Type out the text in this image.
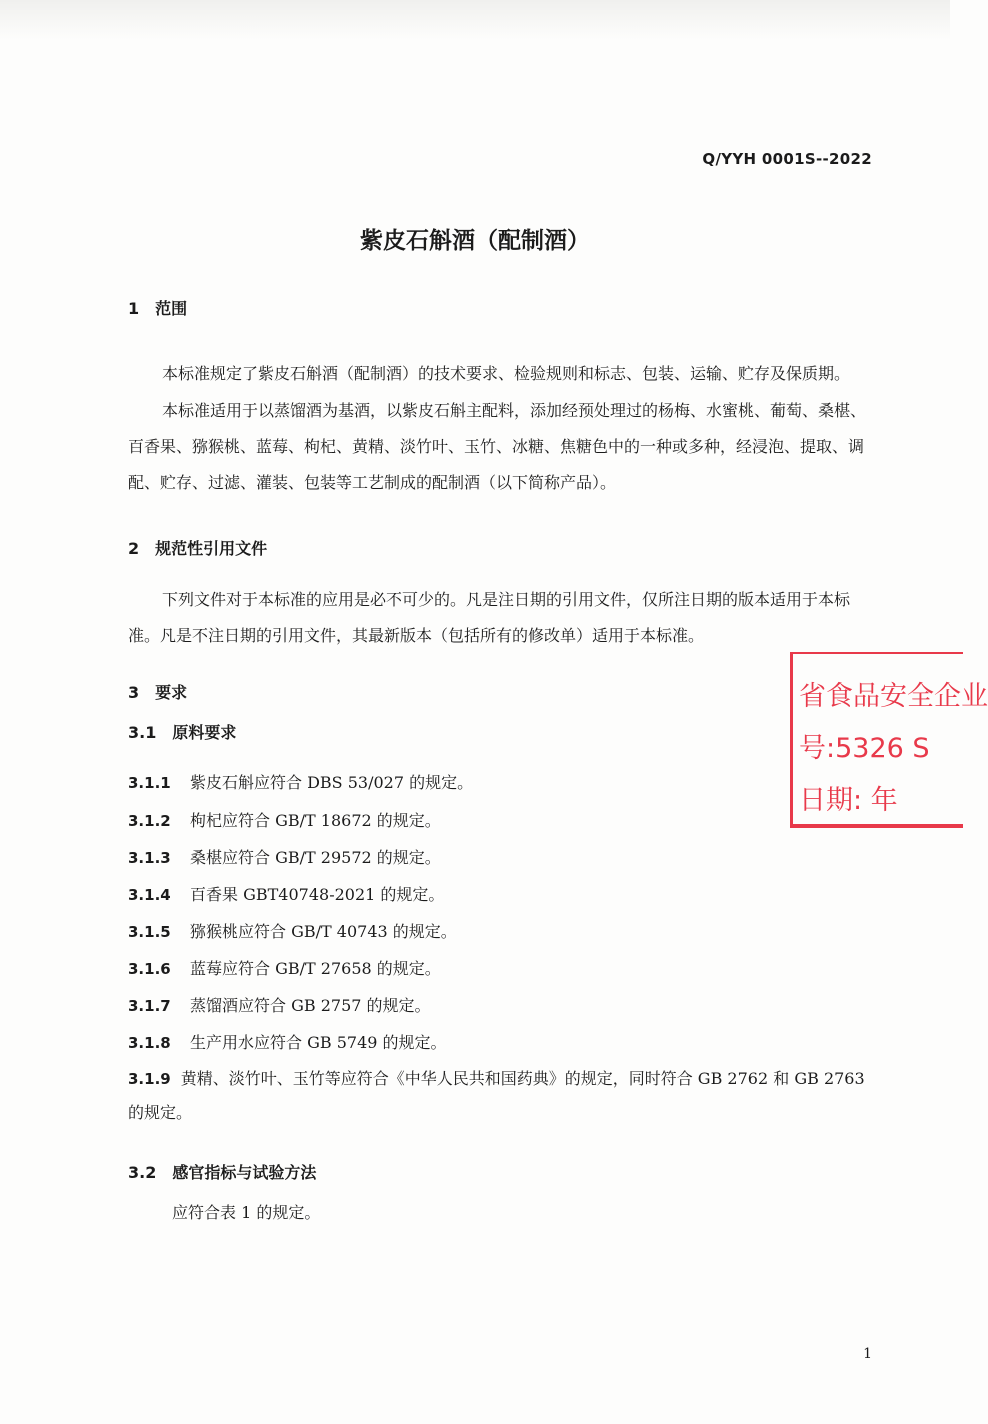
Q/YYH 0001S--2022
紫皮石斛酒（配制酒）
1 范围
本标准规定了紫皮石斛酒（配制酒）的技术要求、检验规则和标志、包装、运输、贮存及保质期。
本标准适用于以蒸馏酒为基酒，以紫皮石斛主配料，添加经预处理过的杨梅、水蜜桃、葡萄、桑椹、百香果、猕猴桃、蓝莓、枸杞、黄精、淡竹叶、玉竹、冰糖、焦糖色中的一种或多种，经浸泡、提取、调配、贮存、过滤、灌装、包装等工艺制成的配制酒（以下简称产品）。
2 规范性引用文件
下列文件对于本标准的应用是必不可少的。凡是注日期的引用文件，仅所注日期的版本适用于本标准。凡是不注日期的引用文件，其最新版本（包括所有的修改单）适用于本标准。
3 要求
3.1 原料要求
3.1.1 紫皮石斛应符合 DBS 53/027 的规定。
3.1.2 枸杞应符合 GB/T 18672 的规定。
3.1.3 桑椹应符合 GB/T 29572 的规定。
3.1.4 百香果 GBT40748-2021 的规定。
3.1.5 猕猴桃应符合 GB/T 40743 的规定。
3.1.6 蓝莓应符合 GB/T 27658 的规定。
3.1.7 蒸馏酒应符合 GB 2757 的规定。
3.1.8 生产用水应符合 GB 5749 的规定。
3.1.9 黄精、淡竹叶、玉竹等应符合《中华人民共和国药典》的规定，同时符合 GB 2762 和 GB 2763 的规定。
3.2 感官指标与试验方法
应符合表 1 的规定。
省食品安全企业
号:5326 S
日期: 年
1
